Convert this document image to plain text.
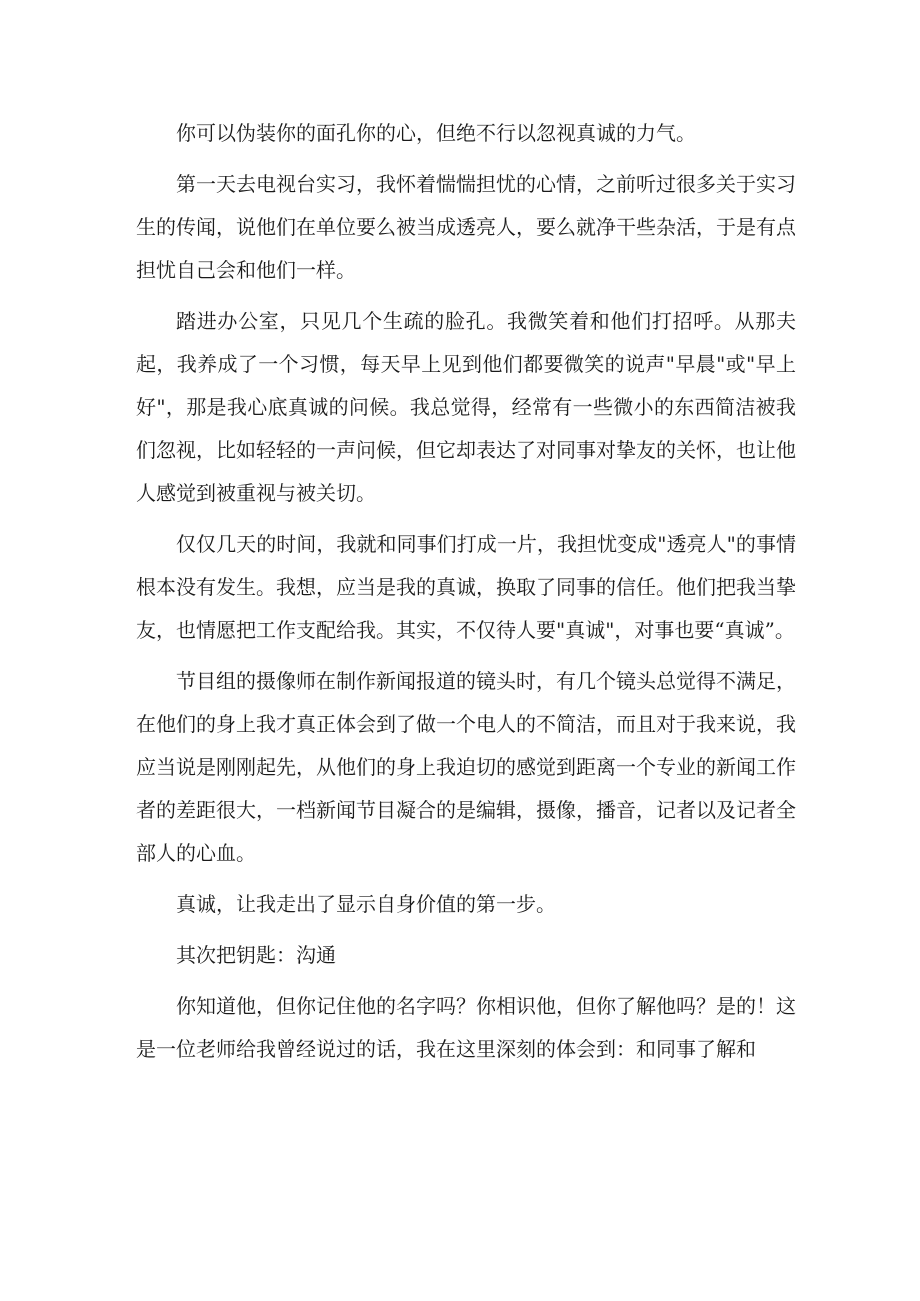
你可以伪装你的面孔你的心，但绝不行以忽视真诚的力气。

第一天去电视台实习，我怀着惴惴担忧的心情，之前听过很多关于实习生的传闻，说他们在单位要么被当成透亮人，要么就净干些杂活，于是有点担忧自己会和他们一样。

踏进办公室，只见几个生疏的脸孔。我微笑着和他们打招呼。从那夫起，我养成了一个习惯，每天早上见到他们都要微笑的说声"早晨"或"早上好"，那是我心底真诚的问候。我总觉得，经常有一些微小的东西简洁被我们忽视，比如轻轻的一声问候，但它却表达了对同事对挚友的关怀，也让他人感觉到被重视与被关切。

仅仅几天的时间，我就和同事们打成一片，我担忧变成"透亮人"的事情根本没有发生。我想，应当是我的真诚，换取了同事的信任。他们把我当挚友，也情愿把工作支配给我。其实，不仅待人要"真诚"，对事也要“真诚”。

节目组的摄像师在制作新闻报道的镜头时，有几个镜头总觉得不满足，在他们的身上我才真正体会到了做一个电人的不简洁，而且对于我来说，我应当说是刚刚起先，从他们的身上我迫切的感觉到距离一个专业的新闻工作者的差距很大，一档新闻节目凝合的是编辑，摄像，播音，记者以及记者全部人的心血。

真诚，让我走出了显示自身价值的第一步。

其次把钥匙：沟通

你知道他，但你记住他的名字吗？你相识他，但你了解他吗？是的！这是一位老师给我曾经说过的话，我在这里深刻的体会到：和同事了解和
